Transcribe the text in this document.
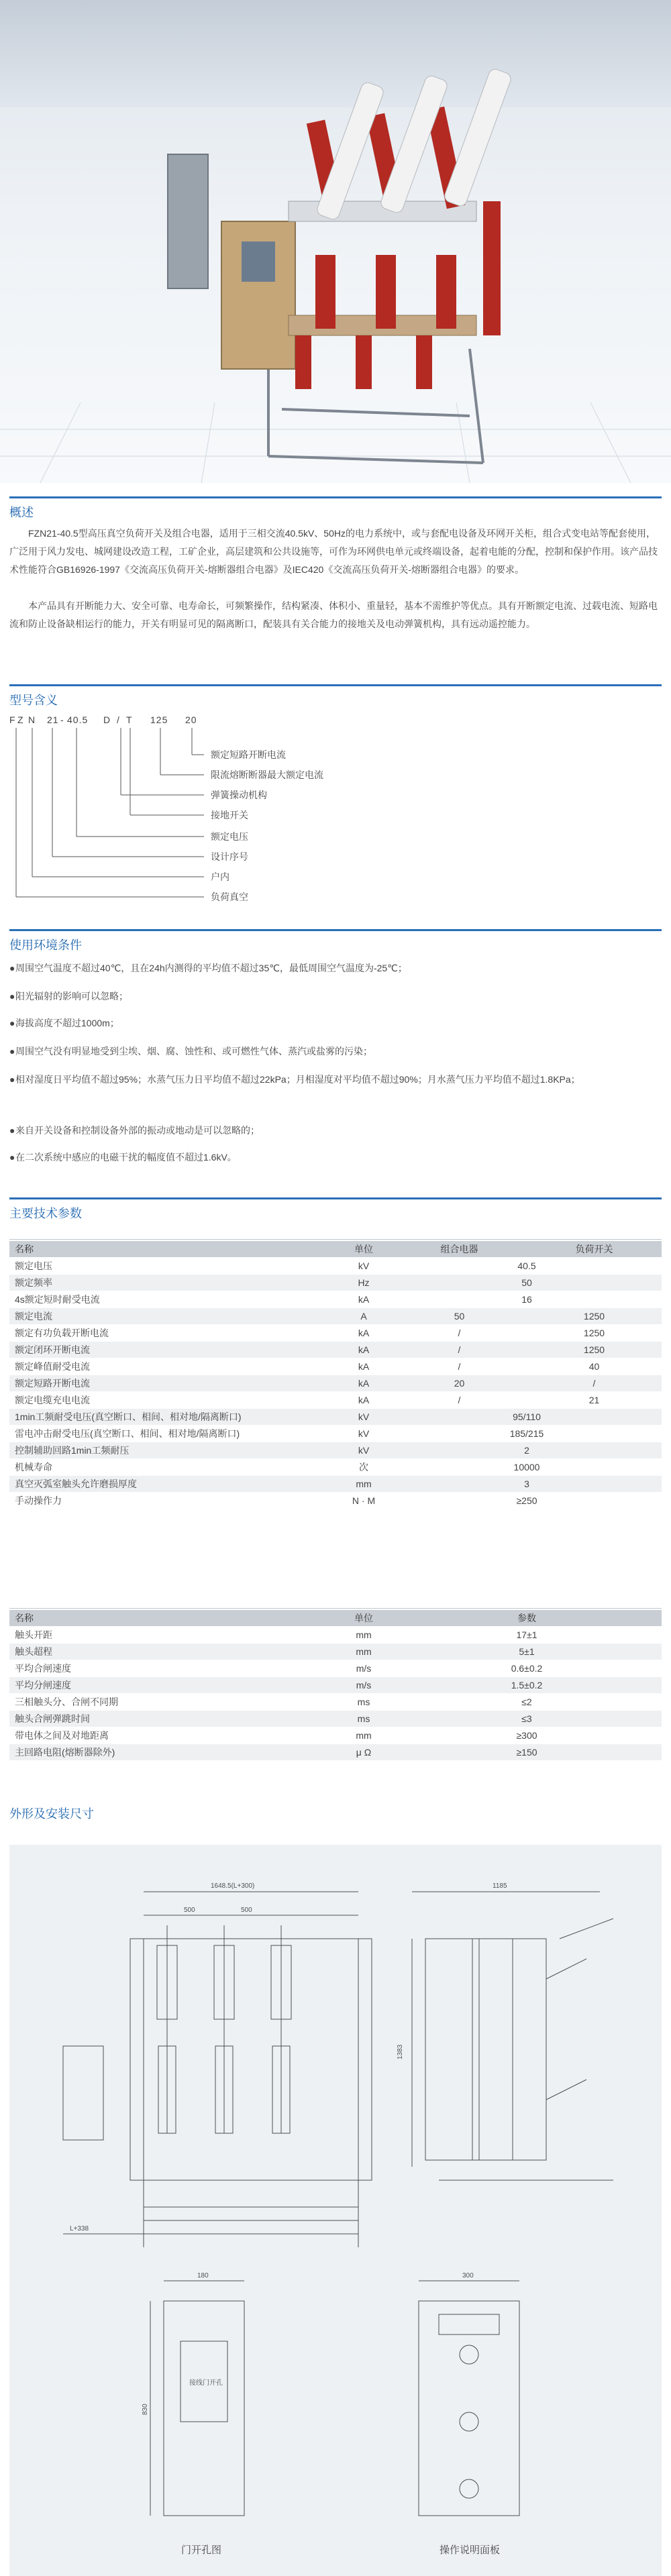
概述

FZN21-40.5型高压真空负荷开关及组合电器，适用于三相交流40.5kV、50Hz的电力系统中，或与套配电设备及环网开关柜，组合式变电站等配套使用，广泛用于风力发电、城网建设改造工程，工矿企业，高层建筑和公共设施等，可作为环网供电单元或终端设备，起着电能的分配，控制和保护作用。该产品技术性能符合GB16926-1997《交流高压负荷开关-熔断器组合电器》及IEC420《交流高压负荷开关-熔断器组合电器》的要求。

本产品具有开断能力大、安全可靠、电寿命长，可频繁操作，结构紧凑、体积小、重量轻，基本不需维护等优点。具有开断额定电流、过载电流、短路电流和防止设备缺相运行的能力，开关有明显可见的隔离断口，配装具有关合能力的接地关及电动弹簧机构，具有远动遥控能力。

型号含义
F Z N 21 - 40.5 D / T 125 20
额定短路开断电流
限流熔断断器最大额定电流
弹簧操动机构
接地开关
额定电压
设计序号
户内
负荷真空
使用环境条件
●周围空气温度不超过40℃，且在24h内测得的平均值不超过35℃，最低周围空气温度为-25℃；
●阳光辐射的影响可以忽略；
●海拔高度不超过1000m；
●周围空气没有明显地受到尘埃、烟、腐、蚀性和、或可燃性气体、蒸汽或盐雾的污染；
●相对湿度日平均值不超过95%；水蒸气压力日平均值不超过22kPa；月相湿度对平均值不超过90%；月水蒸气压力平均值不超过1.8KPa；
●来自开关设备和控制设备外部的振动或地动是可以忽略的；
●在二次系统中感应的电磁干扰的幅度值不超过1.6kV。
主要技术参数
名称	单位	组合电器	负荷开关
额定电压	kV	40.5	
额定频率	Hz	50	
4s额定短时耐受电流	kA	16	
额定电流	A	50	1250
额定有功负载开断电流	kA	/	1250
额定闭环开断电流	kA	/	1250
额定峰值耐受电流	kA	/	40
额定短路开断电流	kA	20	/
额定电缆充电电流	kA	/	21
1min工频耐受电压(真空断口、相间、相对地/隔离断口)	kV	95/110	
雷电冲击耐受电压(真空断口、相间、相对地/隔离断口)	kV	185/215	
控制辅助回路1min工频耐压	kV	2	
机械寿命	次	10000	
真空灭弧室触头允许磨损厚度	mm	3	
手动操作力	N · M	≥250	
名称	单位	参数
触头开距	mm	17±1
触头超程	mm	5±1
平均合闸速度	m/s	0.6±0.2
平均分闸速度	m/s	1.5±0.2
三相触头分、合闸不同期	ms	≤2
触头合闸弹跳时间	ms	≤3
带电体之间及对地距离	mm	≥300
主回路电阻(熔断器除外)	μ Ω	≥150
外形及安装尺寸
1648.5(L+300)
500	500
L+338
1185
1383
180
830
接线门开孔
300
门开孔图	操作说明面板
